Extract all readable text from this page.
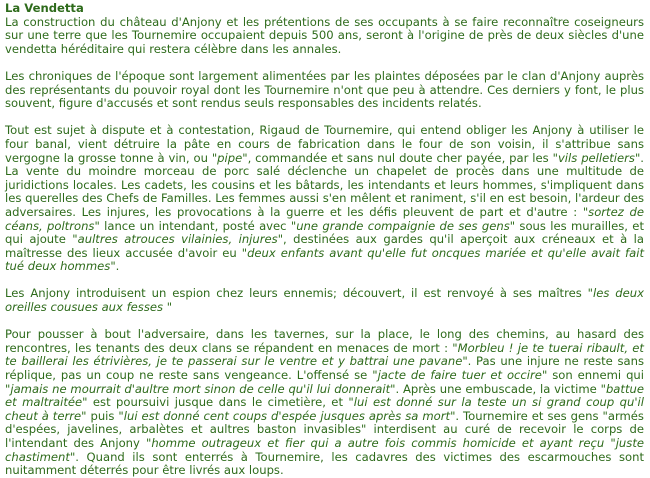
La Vendetta
La construction du château d'Anjony et les prétentions de ses occupants à se faire reconnaître coseigneurs sur une terre que les Tournemire occupaient depuis 500 ans, seront à l'origine de près de deux siècles d'une vendetta héréditaire qui restera célèbre dans les annales.
Les chroniques de l'époque sont largement alimentées par les plaintes déposées par le clan d'Anjony auprès des représentants du pouvoir royal dont les Tournemire n'ont que peu à attendre. Ces derniers y font, le plus souvent, figure d'accusés et sont rendus seuls responsables des incidents relatés.
Tout est sujet à dispute et à contestation, Rigaud de Tournemire, qui entend obliger les Anjony à utiliser le four banal, vient détruire la pâte en cours de fabrication dans le four de son voisin, il s'attribue sans vergogne la grosse tonne à vin, ou "pipe", commandée et sans nul doute cher payée, par les "vils pelletiers". La vente du moindre morceau de porc salé déclenche un chapelet de procès dans une multitude de juridictions locales. Les cadets, les cousins et les bâtards, les intendants et leurs hommes, s'impliquent dans les querelles des Chefs de Familles. Les femmes aussi s'en mêlent et raniment, s'il en est besoin, l'ardeur des adversaires. Les injures, les provocations à la guerre et les défis pleuvent de part et d'autre : "sortez de céans, poltrons" lance un intendant, posté avec "une grande compaignie de ses gens" sous les murailles, et qui ajoute "aultres atrouces vilainies, injures", destinées aux gardes qu'il aperçoit aux créneaux et à la maîtresse des lieux accusée d'avoir eu "deux enfants avant qu'elle fut oncques mariée et qu'elle avait fait tué deux hommes".
Les Anjony introduisent un espion chez leurs ennemis; découvert, il est renvoyé à ses maîtres "les deux oreilles cousues aux fesses "
Pour pousser à bout l'adversaire, dans les tavernes, sur la place, le long des chemins, au hasard des rencontres, les tenants des deux clans se répandent en menaces de mort : "Morbleu ! je te tuerai ribault, et te baillerai les étrivières, je te passerai sur le ventre et y battrai une pavane". Pas une injure ne reste sans réplique, pas un coup ne reste sans vengeance. L'offensé se "jacte de faire tuer et occire" son ennemi qui "jamais ne mourrait d'aultre mort sinon de celle qu'il lui donnerait". Après une embuscade, la victime "battue et maltraitée" est poursuivi jusque dans le cimetière, et "lui est donné sur la teste un si grand coup qu'il cheut à terre" puis "lui est donné cent coups d'espée jusques après sa mort". Tournemire et ses gens "armés d'espées, javelines, arbalètes et aultres baston invasibles" interdisent au curé de recevoir le corps de l'intendant des Anjony "homme outrageux et fier qui a autre fois commis homicide et ayant reçu "juste chastiment". Quand ils sont enterrés à Tournemire, les cadavres des victimes des escarmouches sont nuitamment déterrés pour être livrés aux loups.
